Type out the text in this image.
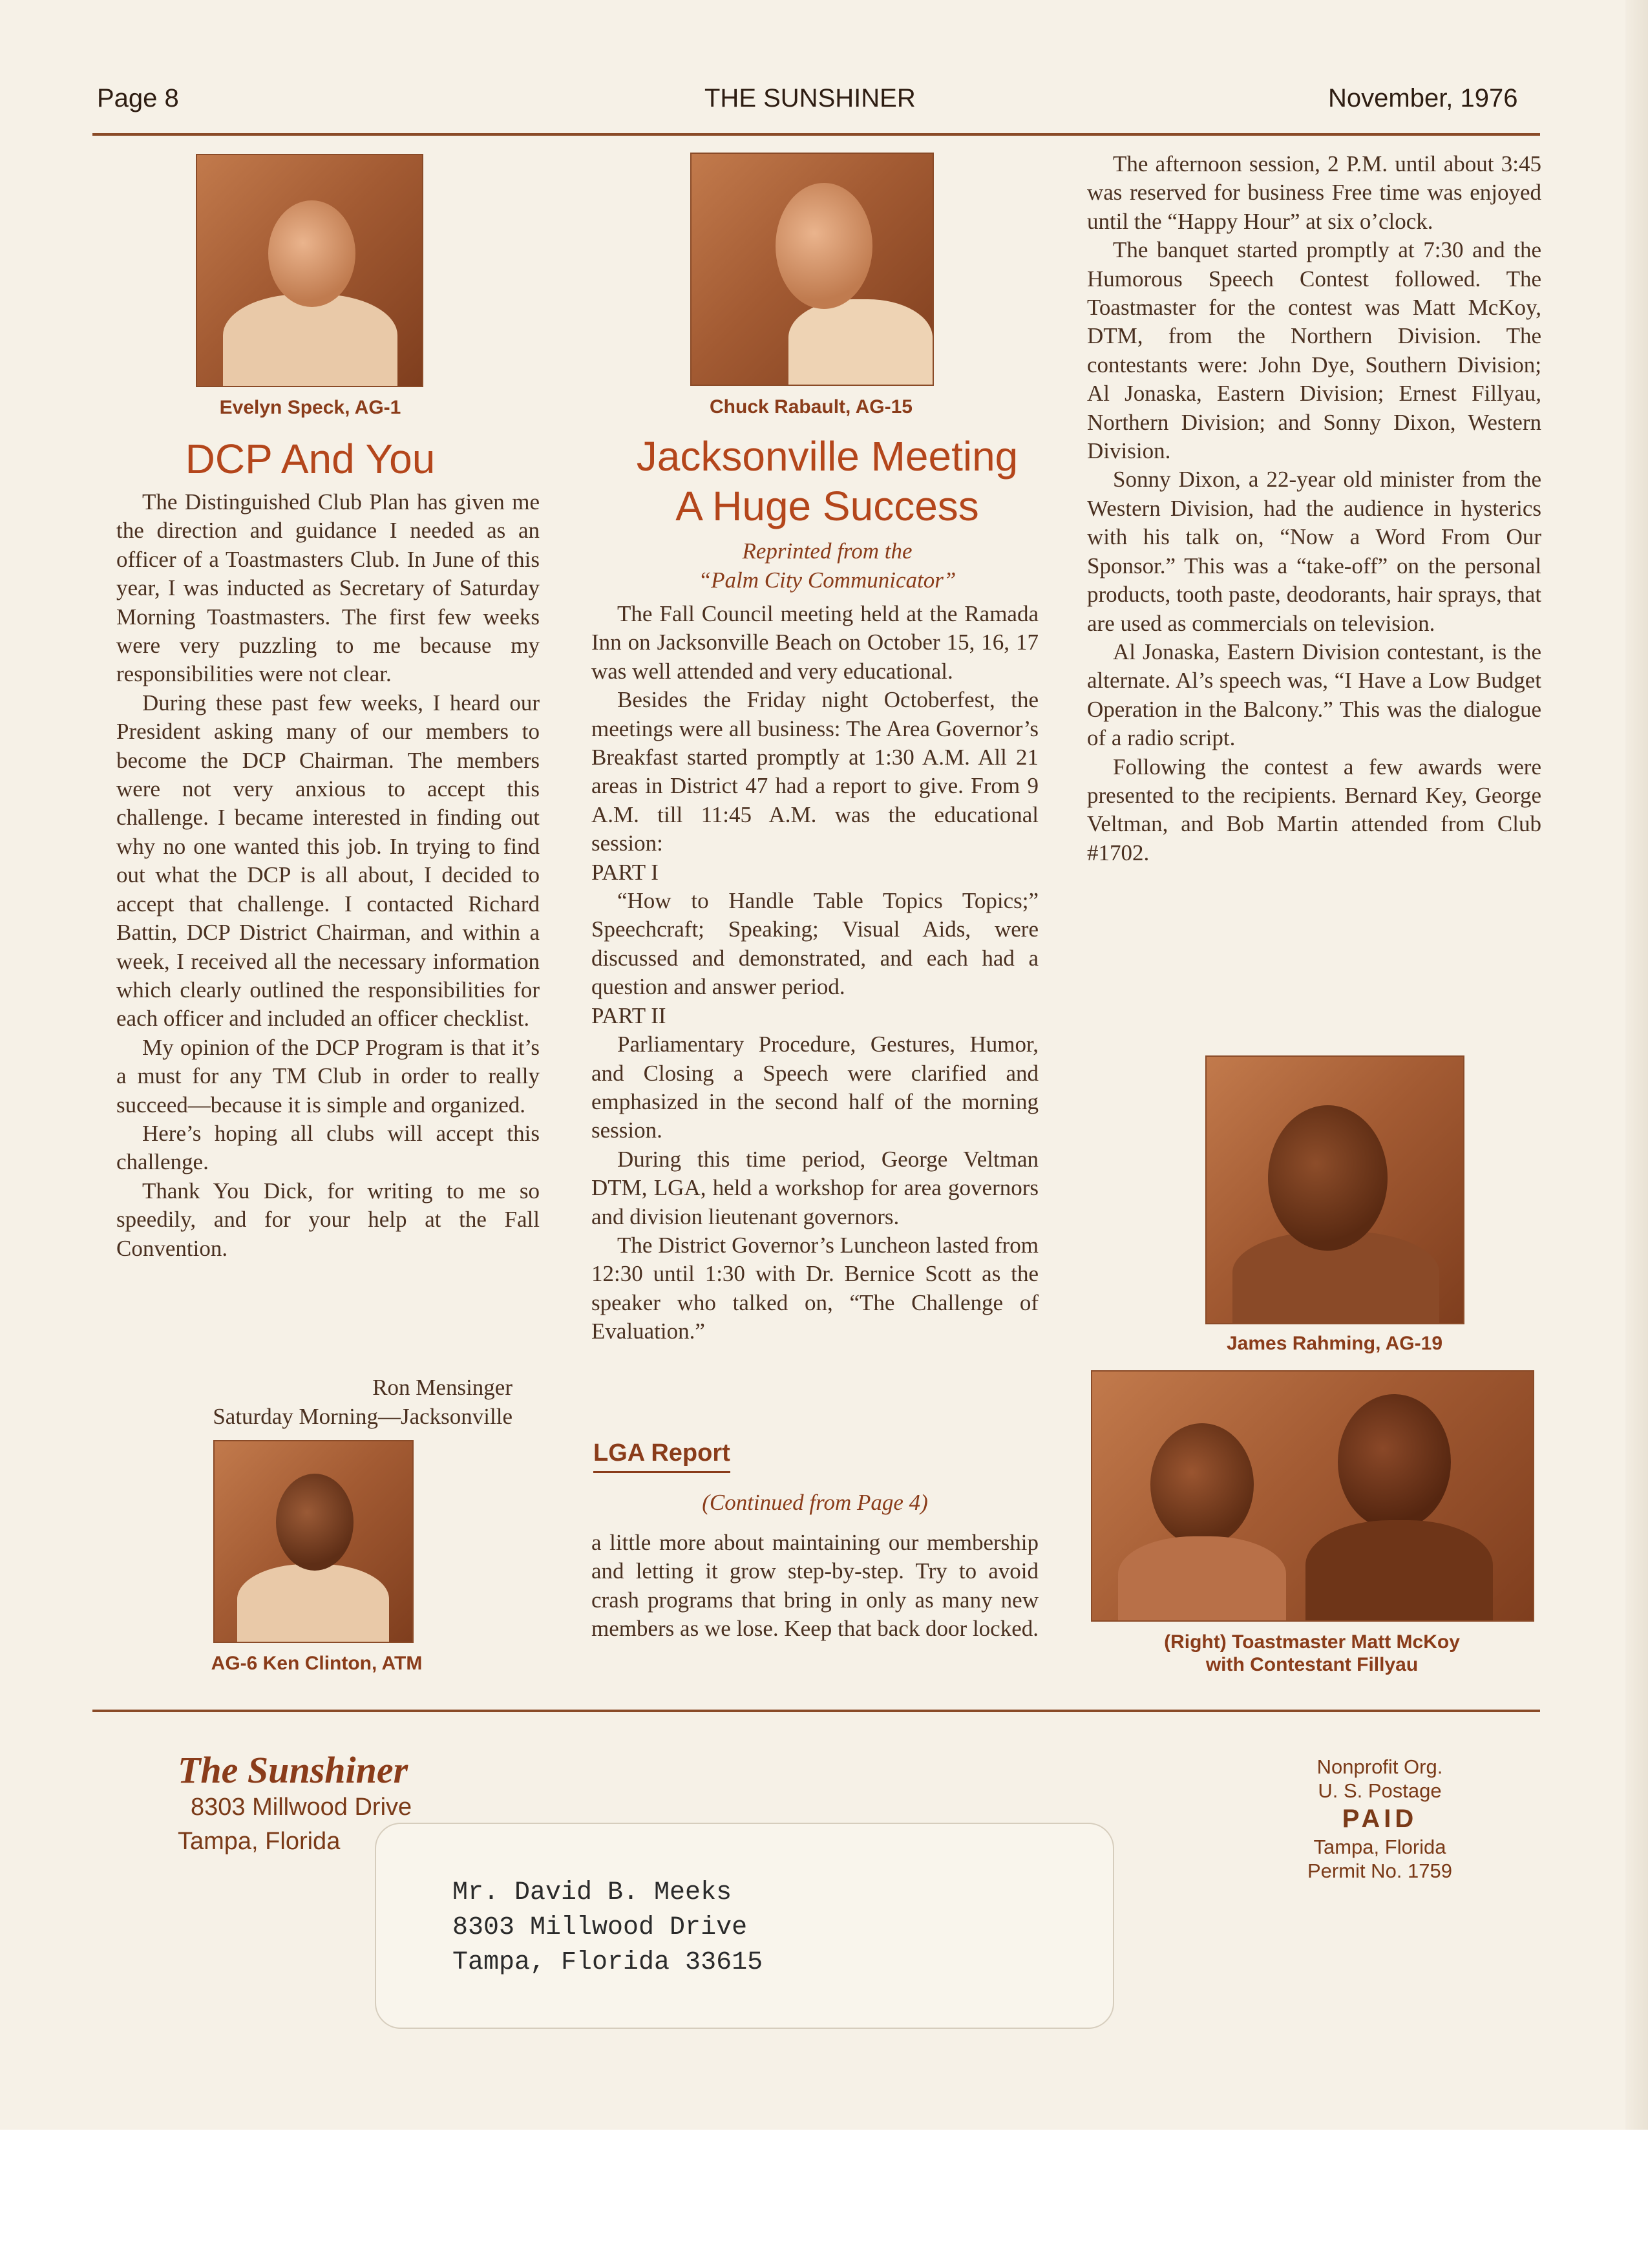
Page 8	THE SUNSHINER	November, 1976
Evelyn Speck, AG-1
DCP And You

The Distinguished Club Plan has given me the direction and guidance I needed as an officer of a Toastmasters Club. In June of this year, I was inducted as Secretary of Saturday Morning Toastmasters. The first few weeks were very puzzling to me because my responsibilities were not clear.

During these past few weeks, I heard our President asking many of our members to become the DCP Chairman. The members were not very anxious to accept this challenge. I became interested in finding out why no one wanted this job. In trying to find out what the DCP is all about, I decided to accept that challenge. I contacted Richard Battin, DCP District Chairman, and within a week, I received all the necessary information which clearly outlined the responsibilities for each officer and included an officer checklist.

My opinion of the DCP Program is that it’s a must for any TM Club in order to really succeed—because it is simple and organized.

Here’s hoping all clubs will accept this challenge.

Thank You Dick, for writing to me so speedily, and for your help at the Fall Convention.

Ron Mensinger
Saturday Morning—Jacksonville
AG-6 Ken Clinton, ATM
Chuck Rabault, AG-15
Jacksonville Meeting
A Huge Success
Reprinted from the
“Palm City Communicator”

The Fall Council meeting held at the Ramada Inn on Jacksonville Beach on October 15, 16, 17 was well attended and very educational.

Besides the Friday night Octoberfest, the meetings were all business: The Area Governor’s Breakfast started promptly at 1:30 A.M. All 21 areas in District 47 had a report to give. From 9 A.M. till 11:45 A.M. was the educational session:

PART I

“How to Handle Table Topics Topics;” Speechcraft; Speaking; Visual Aids, were discussed and demonstrated, and each had a question and answer period.

PART II

Parliamentary Procedure, Gestures, Humor, and Closing a Speech were clarified and emphasized in the second half of the morning session.

During this time period, George Veltman DTM, LGA, held a workshop for area governors and division lieutenant governors.

The District Governor’s Luncheon lasted from 12:30 until 1:30 with Dr. Bernice Scott as the speaker who talked on, “The Challenge of Evaluation.”

LGA Report
(Continued from Page 4)

a little more about maintaining our membership and letting it grow step-by-step. Try to avoid crash programs that bring in only as many new members as we lose. Keep that back door locked.

The afternoon session, 2 P.M. until about 3:45 was reserved for business Free time was enjoyed until the “Happy Hour” at six o’clock.

The banquet started promptly at 7:30 and the Humorous Speech Contest followed. The Toastmaster for the contest was Matt McKoy, DTM, from the Northern Division. The contestants were: John Dye, Southern Division; Al Jonaska, Eastern Division; Ernest Fillyau, Northern Division; and Sonny Dixon, Western Division.

Sonny Dixon, a 22-year old minister from the Western Division, had the audience in hysterics with his talk on, “Now a Word From Our Sponsor.” This was a “take-off” on the personal products, tooth paste, deodorants, hair sprays, that are used as commercials on television.

Al Jonaska, Eastern Division contestant, is the alternate. Al’s speech was, “I Have a Low Budget Operation in the Balcony.” This was the dialogue of a radio script.

Following the contest a few awards were presented to the recipients. Bernard Key, George Veltman, and Bob Martin attended from Club #1702.

James Rahming, AG-19
(Right) Toastmaster Matt McKoy
with Contestant Fillyau
The Sunshiner
8303 Millwood Drive
Tampa, Florida
Mr. David B. Meeks
8303 Millwood Drive
Tampa, Florida 33615
Nonprofit Org.
U. S. Postage
PAID
Tampa, Florida
Permit No. 1759
